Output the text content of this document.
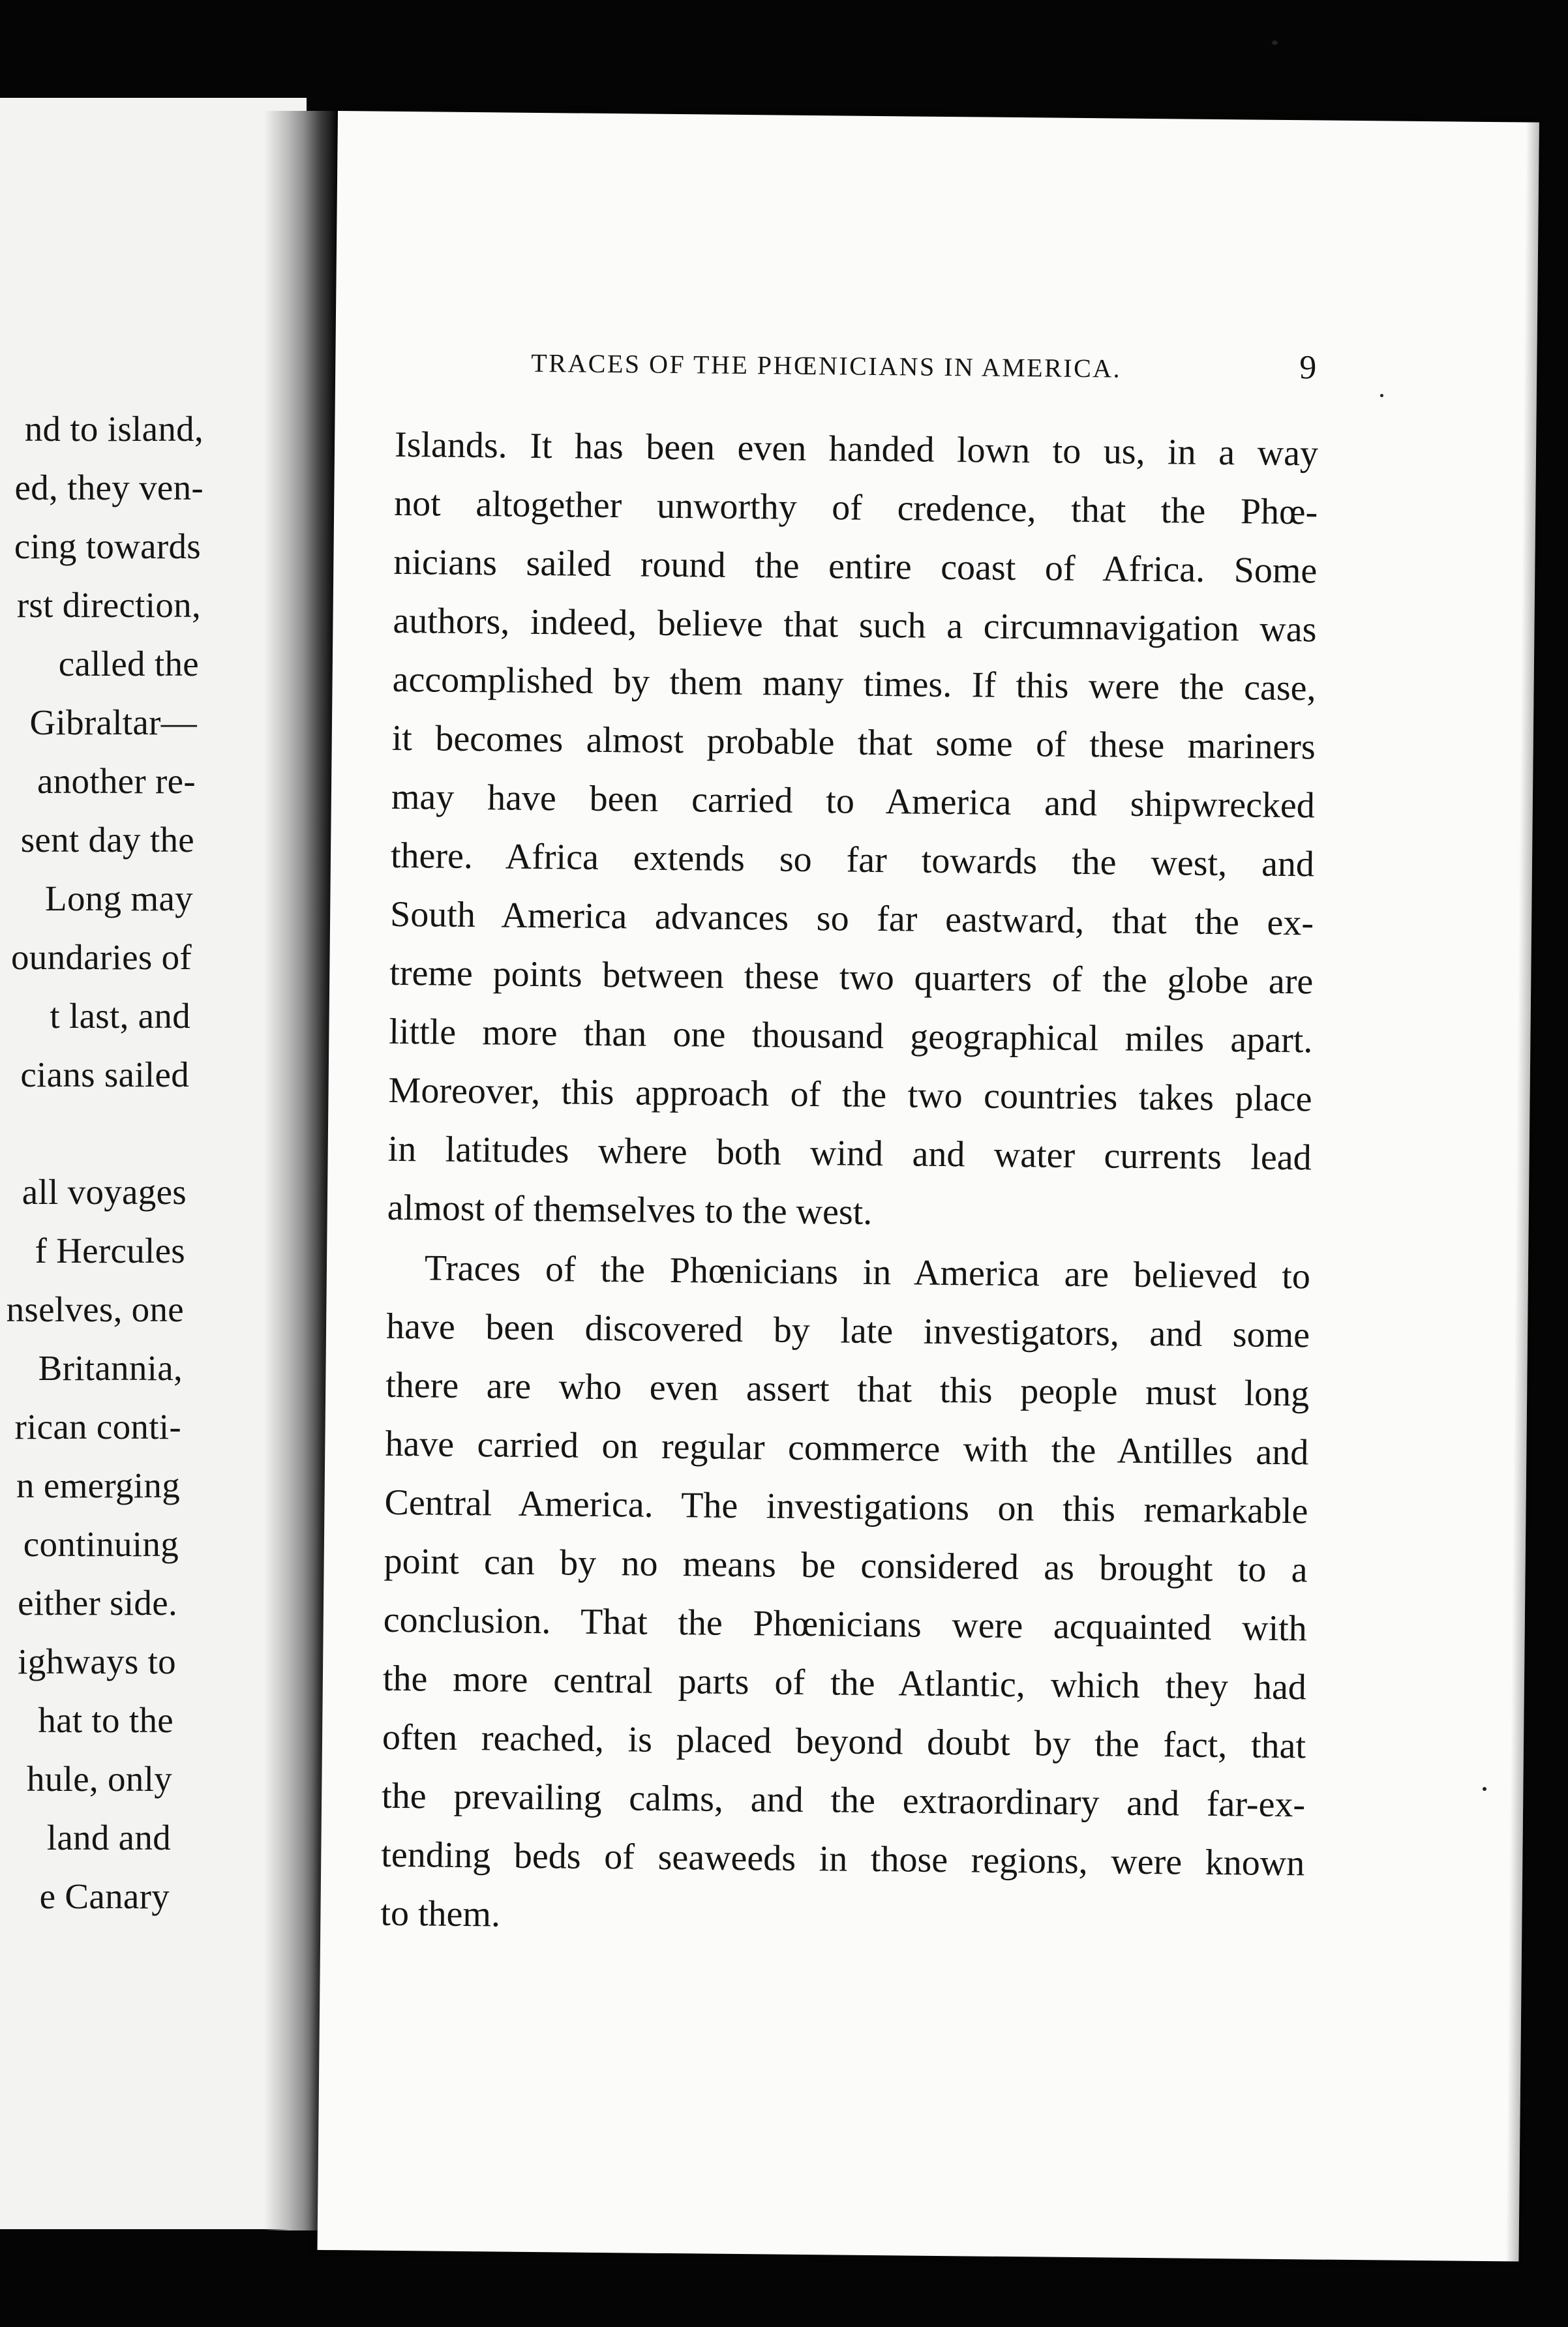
nd to island,
ed, they ven-
cing towards
rst direction,
called the
Gibraltar—
another re-
sent day the
Long may
oundaries of
t last, and
cians sailed
all voyages
f Hercules
nselves, one
Britannia,
rican conti-
n emerging
continuing
either side.
ighways to
hat to the
hule, only
land and
e Canary
TRACES OF THE PHŒNICIANS IN AMERICA.	9
Islands. It has been even handed lown to us, in a way
not altogether unworthy of credence, that the Phœ-
nicians sailed round the entire coast of Africa. Some
authors, indeed, believe that such a circumnavigation was
accomplished by them many times. If this were the case,
it becomes almost probable that some of these mariners
may have been carried to America and shipwrecked
there. Africa extends so far towards the west, and
South America advances so far eastward, that the ex-
treme points between these two quarters of the globe are
little more than one thousand geographical miles apart.
Moreover, this approach of the two countries takes place
in latitudes where both wind and water currents lead
almost of themselves to the west.
Traces of the Phœnicians in America are believed to
have been discovered by late investigators, and some
there are who even assert that this people must long
have carried on regular commerce with the Antilles and
Central America. The investigations on this remarkable
point can by no means be considered as brought to a
conclusion. That the Phœnicians were acquainted with
the more central parts of the Atlantic, which they had
often reached, is placed beyond doubt by the fact, that
the prevailing calms, and the extraordinary and far-ex-
tending beds of seaweeds in those regions, were known
to them.
